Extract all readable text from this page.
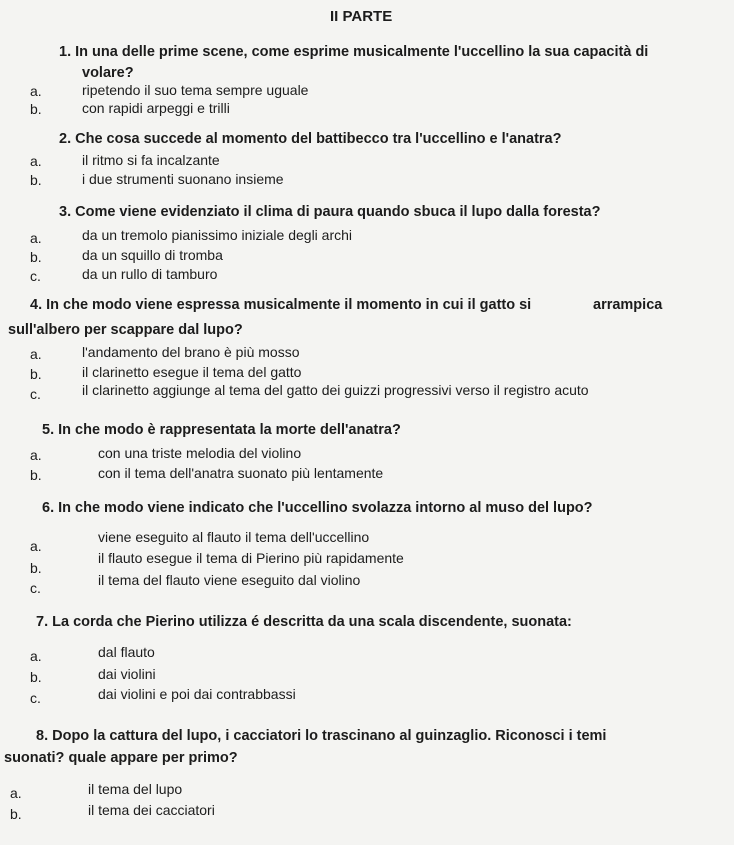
II PARTE
1. In una delle prime scene, come esprime musicalmente l'uccellino la sua capacità di
volare?
a.	ripetendo il suo tema sempre uguale
b.	con rapidi arpeggi e trilli
2. Che cosa succede al momento del battibecco tra l'uccellino e l'anatra?
a.	il ritmo si fa incalzante
b.	i due strumenti suonano insieme
3. Come viene evidenziato il clima di paura quando sbuca il lupo dalla foresta?
a.	da un tremolo pianissimo iniziale degli archi
b.	da un squillo di tromba
c.	da un rullo di tamburo
4. In che modo viene espressa musicalmente il momento in cui il gatto si	arrampica
sull'albero per scappare dal lupo?
a.	l'andamento del brano è più mosso
b.	il clarinetto esegue il tema del gatto
c.	il clarinetto aggiunge al tema del gatto dei guizzi progressivi verso il registro acuto
5. In che modo è rappresentata la morte dell'anatra?
a.	con una triste melodia del violino
b.	con il tema dell'anatra suonato più lentamente
6. In che modo viene indicato che l'uccellino svolazza intorno al muso del lupo?
a.
viene eseguito al flauto il tema dell'uccellino
b.
il flauto esegue il tema di Pierino più rapidamente
c.	il tema del flauto viene eseguito dal violino
7. La corda che Pierino utilizza é descritta da una scala discendente, suonata:
a.	dal flauto
b.	dai violini
c.	dai violini e poi dai contrabbassi
8. Dopo la cattura del lupo, i cacciatori lo trascinano al guinzaglio. Riconosci i temi
suonati? quale appare per primo?
a.	il tema del lupo
b.	il tema dei cacciatori
